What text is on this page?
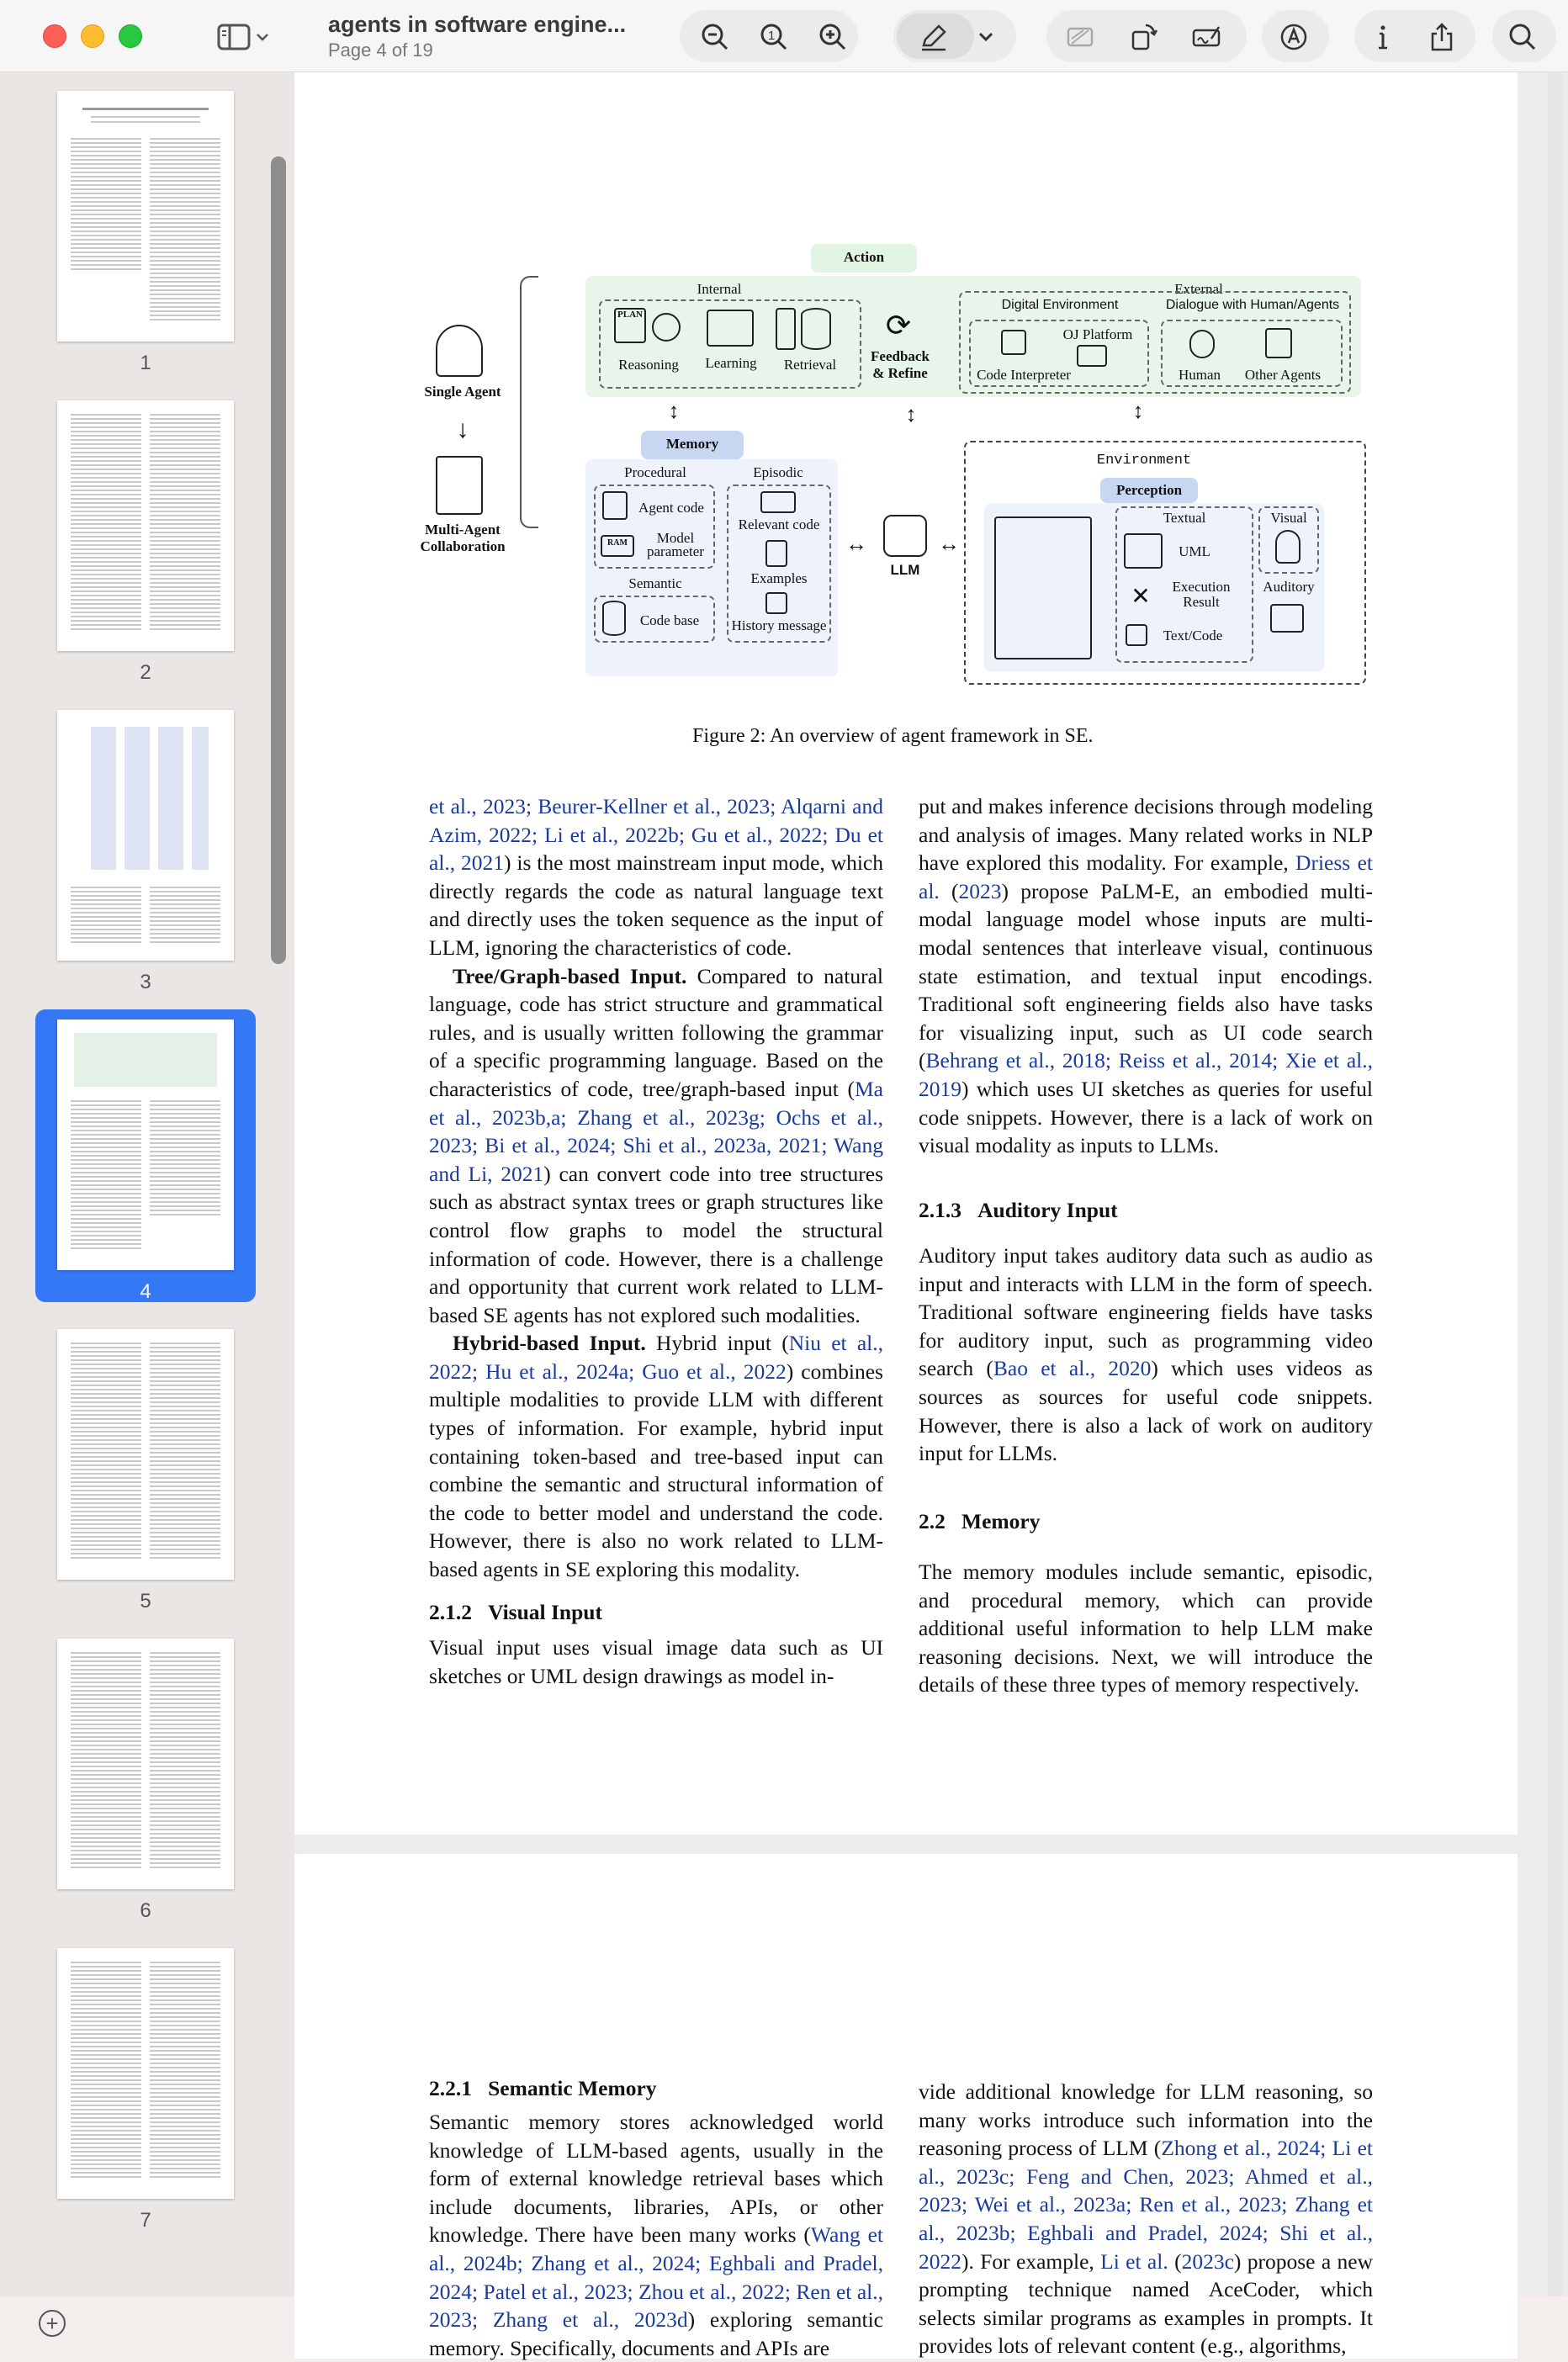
agents in software engine...
Page 4 of 19
1
1
2
3
4
5
6
7
+
Action
Internal	External
PLAN
Reasoning	Learning	Retrieval
⟳
Feedback
& Refine
Digital Environment	Dialogue with Human/Agents
OJ Platform
Code Interpreter	Human	Other Agents
Single Agent
↓
Multi-Agent
Collaboration
↕	↕	↕
Memory
Procedural	Episodic
Agent code
RAM	Model
parameter
Semantic
Code base
Relevant code
Examples
History message
↔
LLM
↔
Environment
Perception
Textual
UML
✕	Execution
Result
Text/Code
Visual
Auditory
Figure 2: An overview of agent framework in SE.
et al., 2023; Beurer-Kellner et al., 2023; Alqarni and Azim, 2022; Li et al., 2022b; Gu et al., 2022; Du et al., 2021) is the most mainstream input mode, which directly regards the code as natural language text and directly uses the token sequence as the input of LLM, ignoring the characteristics of code.
Tree/Graph-based Input. Compared to natural language, code has strict structure and grammatical rules, and is usually written following the grammar of a specific programming language. Based on the characteristics of code, tree/graph-based input (Ma et al., 2023b,a; Zhang et al., 2023g; Ochs et al., 2023; Bi et al., 2024; Shi et al., 2023a, 2021; Wang and Li, 2021) can convert code into tree structures such as abstract syntax trees or graph structures like control flow graphs to model the structural information of code. However, there is a challenge and opportunity that current work related to LLM-based SE agents has not explored such modalities.
Hybrid-based Input. Hybrid input (Niu et al., 2022; Hu et al., 2024a; Guo et al., 2022) combines multiple modalities to provide LLM with different types of information. For example, hybrid input containing token-based and tree-based input can combine the semantic and structural information of the code to better model and understand the code. However, there is also no work related to LLM-based agents in SE exploring this modality.
2.1.2 Visual Input
Visual input uses visual image data such as UI sketches or UML design drawings as model in-
put and makes inference decisions through modeling and analysis of images. Many related works in NLP have explored this modality. For example, Driess et al. (2023) propose PaLM-E, an embodied multi-modal language model whose inputs are multi-modal sentences that interleave visual, continuous state estimation, and textual input encodings. Traditional soft engineering fields also have tasks for visualizing input, such as UI code search (Behrang et al., 2018; Reiss et al., 2014; Xie et al., 2019) which uses UI sketches as queries for useful code snippets. However, there is a lack of work on visual modality as inputs to LLMs.
2.1.3 Auditory Input
Auditory input takes auditory data such as audio as input and interacts with LLM in the form of speech. Traditional software engineering fields have tasks for auditory input, such as programming video search (Bao et al., 2020) which uses videos as sources as sources for useful code snippets. However, there is also a lack of work on auditory input for LLMs.
2.2 Memory
The memory modules include semantic, episodic, and procedural memory, which can provide additional useful information to help LLM make reasoning decisions. Next, we will introduce the details of these three types of memory respectively.
2.2.1 Semantic Memory
Semantic memory stores acknowledged world knowledge of LLM-based agents, usually in the form of external knowledge retrieval bases which include documents, libraries, APIs, or other knowledge. There have been many works (Wang et al., 2024b; Zhang et al., 2024; Eghbali and Pradel, 2024; Patel et al., 2023; Zhou et al., 2022; Ren et al., 2023; Zhang et al., 2023d) exploring semantic memory. Specifically, documents and APIs are
vide additional knowledge for LLM reasoning, so many works introduce such information into the reasoning process of LLM (Zhong et al., 2024; Li et al., 2023c; Feng and Chen, 2023; Ahmed et al., 2023; Wei et al., 2023a; Ren et al., 2023; Zhang et al., 2023b; Eghbali and Pradel, 2024; Shi et al., 2022). For example, Li et al. (2023c) propose a new prompting technique named AceCoder, which selects similar programs as examples in prompts. It provides lots of relevant content (e.g., algorithms,
